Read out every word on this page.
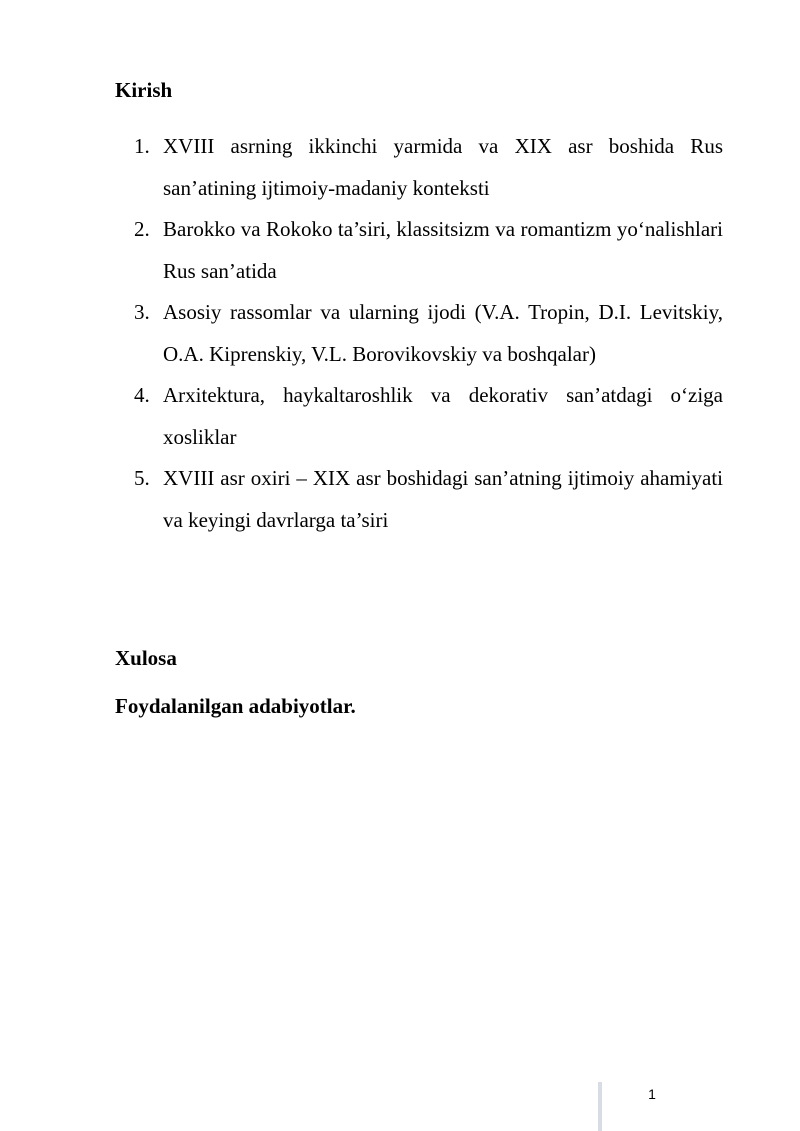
Kirish
1. XVIII asrning ikkinchi yarmida va XIX asr boshida Rus san’atining ijtimoiy-madaniy konteksti
2. Barokko va Rokoko ta’siri, klassitsizm va romantizm yo‘nalishlari Rus san’atida
3. Asosiy rassomlar va ularning ijodi (V.A. Tropin, D.I. Levitskiy, O.A. Kiprenskiy, V.L. Borovikovskiy va boshqalar)
4. Arxitektura, haykaltaroshlik va dekorativ san’atdagi o‘ziga xosliklar
5. XVIII asr oxiri – XIX asr boshidagi san’atning ijtimoiy ahamiyati va keyingi davrlarga ta’siri
Xulosa
Foydalanilgan adabiyotlar.
1
